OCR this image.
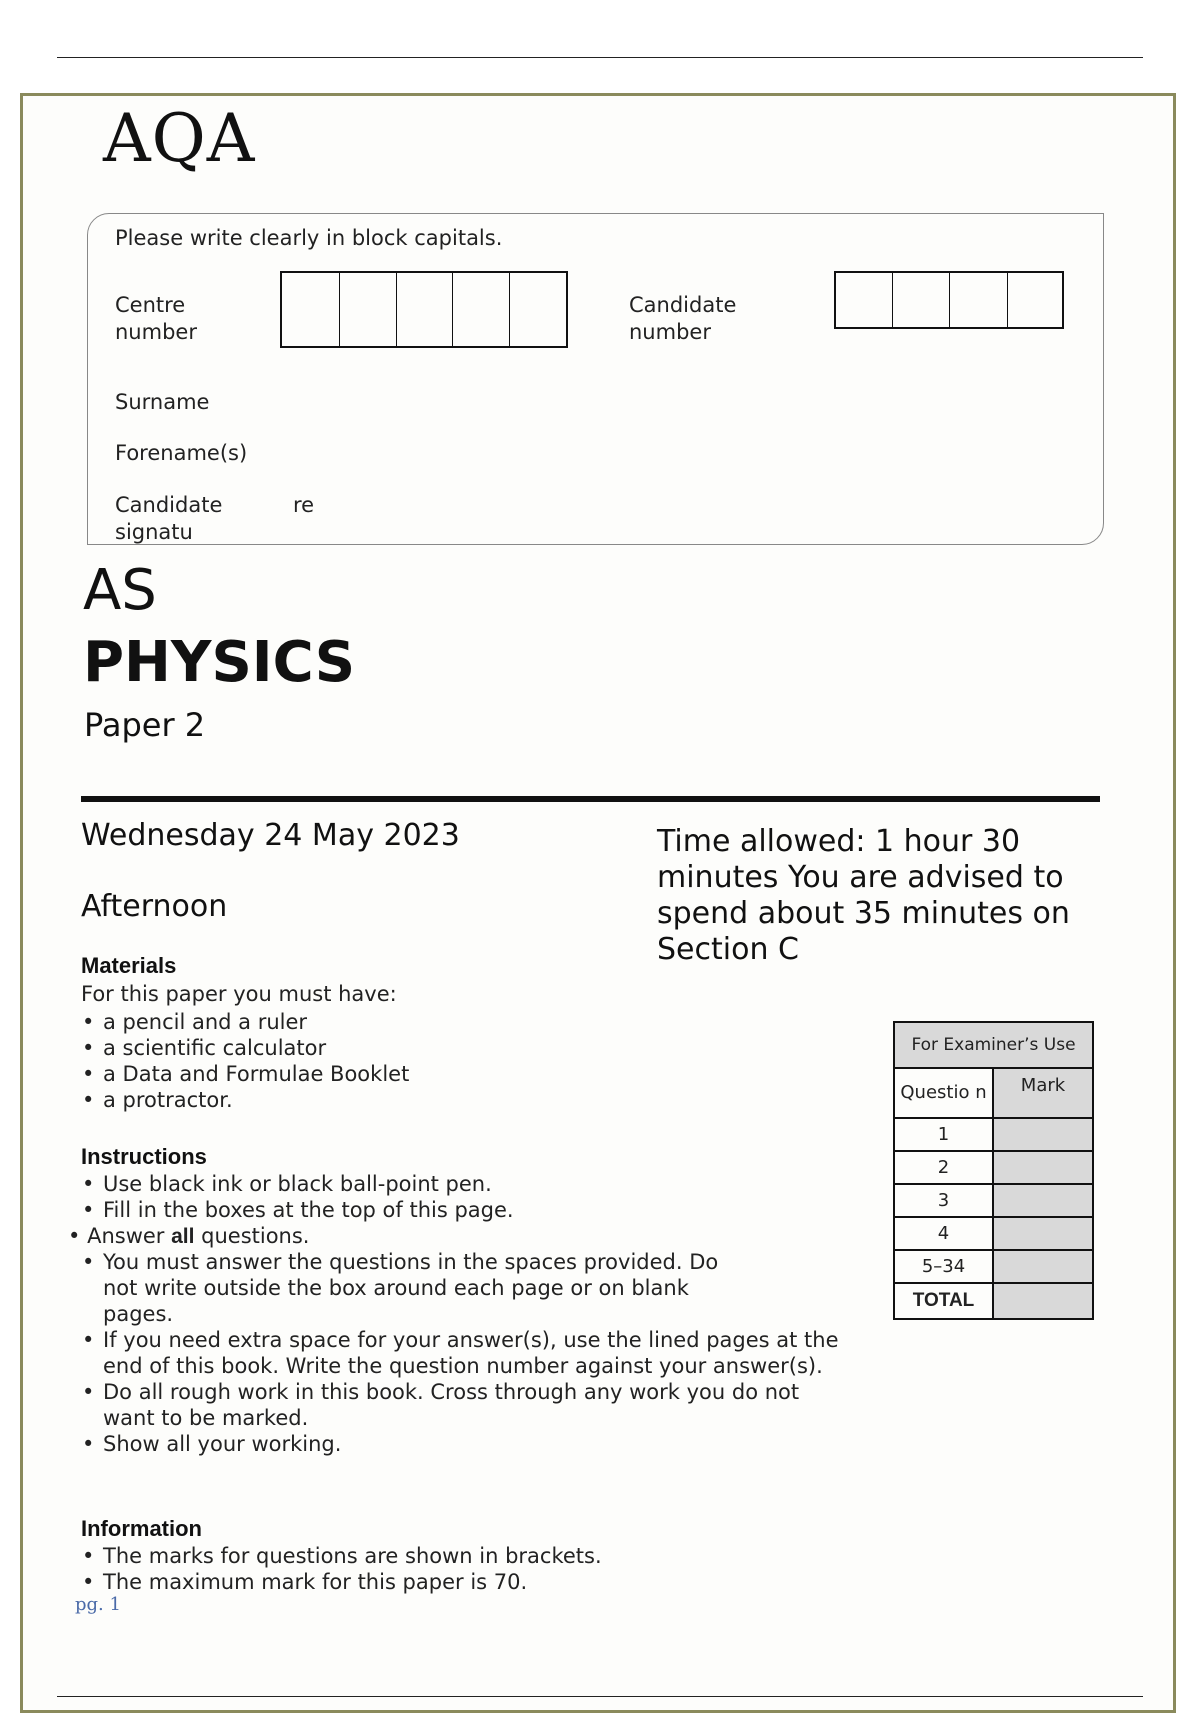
AQA
Please write clearly in block capitals.
Centre
number
Candidate
number
Surname
Forename(s)
Candidate
signatu
re
AS
PHYSICS
Paper 2
Wednesday 24 May 2023
Afternoon
Time allowed: 1 hour 30
minutes You are advised to
spend about 35 minutes on
Section C
Materials
For this paper you must have:
• a pencil and a ruler
• a scientific calculator
• a Data and Formulae Booklet
• a protractor.
Instructions
• Use black ink or black ball-point pen.
• Fill in the boxes at the top of this page.
• Answer all questions.
• You must answer the questions in the spaces provided. Do not write outside the box around each page or on blank pages.
• If you need extra space for your answer(s), use the lined pages at the end of this book. Write the question number against your answer(s).
• Do all rough work in this book. Cross through any work you do not want to be marked.
• Show all your working.
Information
• The marks for questions are shown in brackets.
• The maximum mark for this paper is 70.
For Examiner’s Use	
Questio n	Mark
1	
2	
3	
4	
5–34	
TOTAL	
pg. 1
